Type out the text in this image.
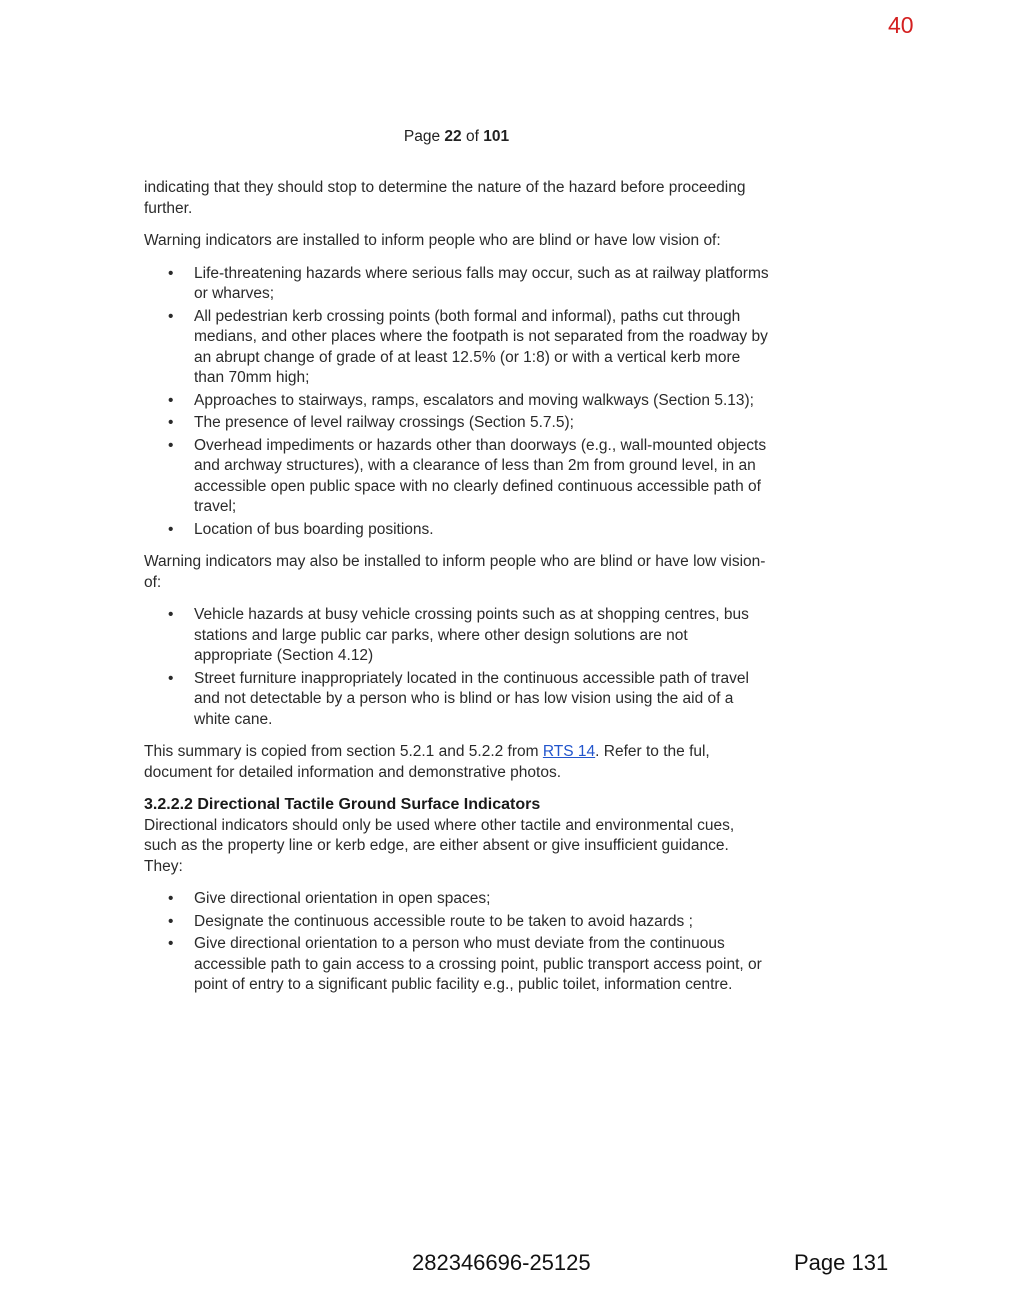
40
Page 22 of 101

indicating that they should stop to determine the nature of the hazard before proceeding further.

Warning indicators are installed to inform people who are blind or have low vision of:

• Life-threatening hazards where serious falls may occur, such as at railway platforms or wharves;
• All pedestrian kerb crossing points (both formal and informal), paths cut through medians, and other places where the footpath is not separated from the roadway by an abrupt change of grade of at least 12.5% (or 1:8) or with a vertical kerb more than 70mm high;
• Approaches to stairways, ramps, escalators and moving walkways (Section 5.13);
• The presence of level railway crossings (Section 5.7.5);
• Overhead impediments or hazards other than doorways (e.g., wall-mounted objects and archway structures), with a clearance of less than 2m from ground level, in an accessible open public space with no clearly defined continuous accessible path of travel;
• Location of bus boarding positions.

Warning indicators may also be installed to inform people who are blind or have low vision- of:

• Vehicle hazards at busy vehicle crossing points such as at shopping centres, bus stations and large public car parks, where other design solutions are not appropriate (Section 4.12)
• Street furniture inappropriately located in the continuous accessible path of travel and not detectable by a person who is blind or has low vision using the aid of a white cane.

This summary is copied from section 5.2.1 and 5.2.2 from RTS 14. Refer to the ful, document for detailed information and demonstrative photos.

3.2.2.2 Directional Tactile Ground Surface Indicators

Directional indicators should only be used where other tactile and environmental cues, such as the property line or kerb edge, are either absent or give insufficient guidance. They:

• Give directional orientation in open spaces;
• Designate the continuous accessible route to be taken to avoid hazards ;
• Give directional orientation to a person who must deviate from the continuous accessible path to gain access to a crossing point, public transport access point, or point of entry to a significant public facility e.g., public toilet, information centre.
282346696-25125	Page 131
